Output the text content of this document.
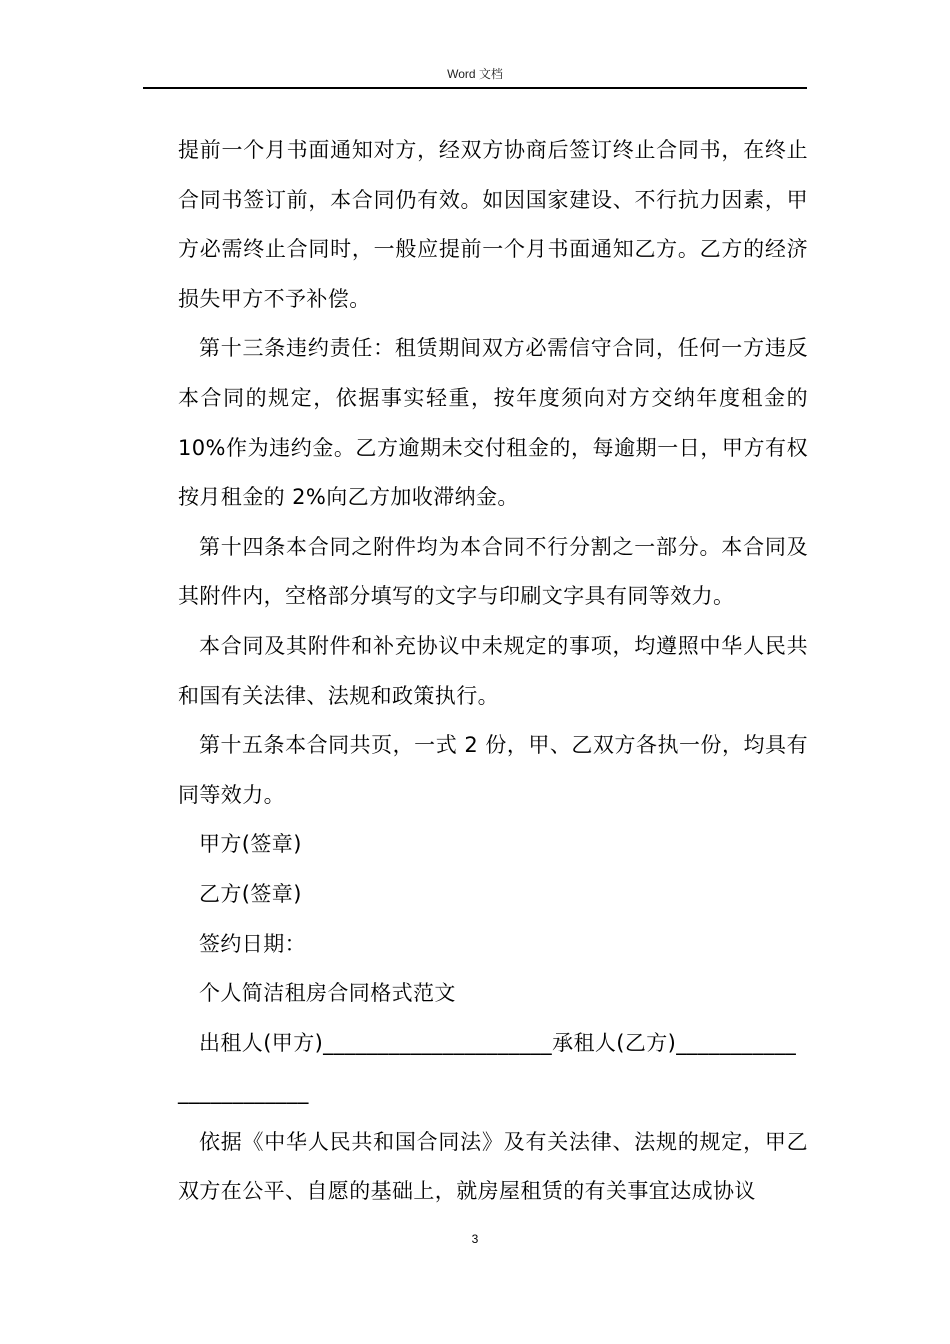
Word 文档

提前一个月书面通知对方，经双方协商后签订终止合同书，在终止合同书签订前，本合同仍有效。如因国家建设、不行抗力因素，甲方必需终止合同时，一般应提前一个月书面通知乙方。乙方的经济损失甲方不予补偿。

第十三条违约责任：租赁期间双方必需信守合同，任何一方违反本合同的规定，依据事实轻重，按年度须向对方交纳年度租金的 10%作为违约金。乙方逾期未交付租金的，每逾期一日，甲方有权按月租金的 2%向乙方加收滞纳金。

第十四条本合同之附件均为本合同不行分割之一部分。本合同及其附件内，空格部分填写的文字与印刷文字具有同等效力。

本合同及其附件和补充协议中未规定的事项，均遵照中华人民共和国有关法律、法规和政策执行。

第十五条本合同共页，一式 2 份，甲、乙双方各执一份，均具有同等效力。

甲方(签章)

乙方(签章)

签约日期：

个人简洁租房合同格式范文

出租人(甲方)_____________________承租人(乙方)___________

____________

依据《中华人民共和国合同法》及有关法律、法规的规定，甲乙双方在公平、自愿的基础上，就房屋租赁的有关事宜达成协议

3
